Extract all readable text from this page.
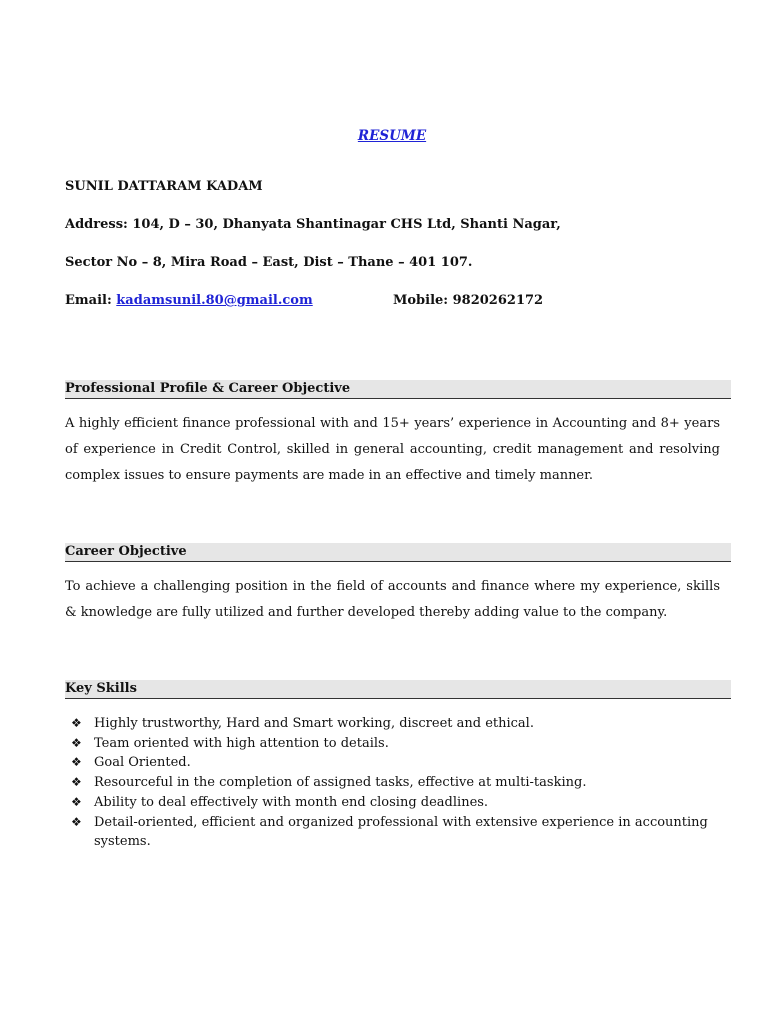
RESUME
SUNIL DATTARAM KADAM
Address: 104, D – 30, Dhanyata Shantinagar CHS Ltd, Shanti Nagar,
Sector No – 8, Mira Road – East, Dist – Thane – 401 107.
Email: kadamsunil.80@gmail.com	Mobile: 9820262172
Professional Profile & Career Objective

A highly efficient finance professional with and 15+ years’ experience in Accounting and 8+ years of experience in Credit Control, skilled in general accounting, credit management and resolving complex issues to ensure payments are made in an effective and timely manner.

Career Objective

To achieve a challenging position in the field of accounts and finance where my experience, skills & knowledge are fully utilized and further developed thereby adding value to the company.

Key Skills
❖ Highly trustworthy, Hard and Smart working, discreet and ethical.
❖ Team oriented with high attention to details.
❖ Goal Oriented.
❖ Resourceful in the completion of assigned tasks, effective at multi-tasking.
❖ Ability to deal effectively with month end closing deadlines.
❖ Detail-oriented, efficient and organized professional with extensive experience in accounting systems.
